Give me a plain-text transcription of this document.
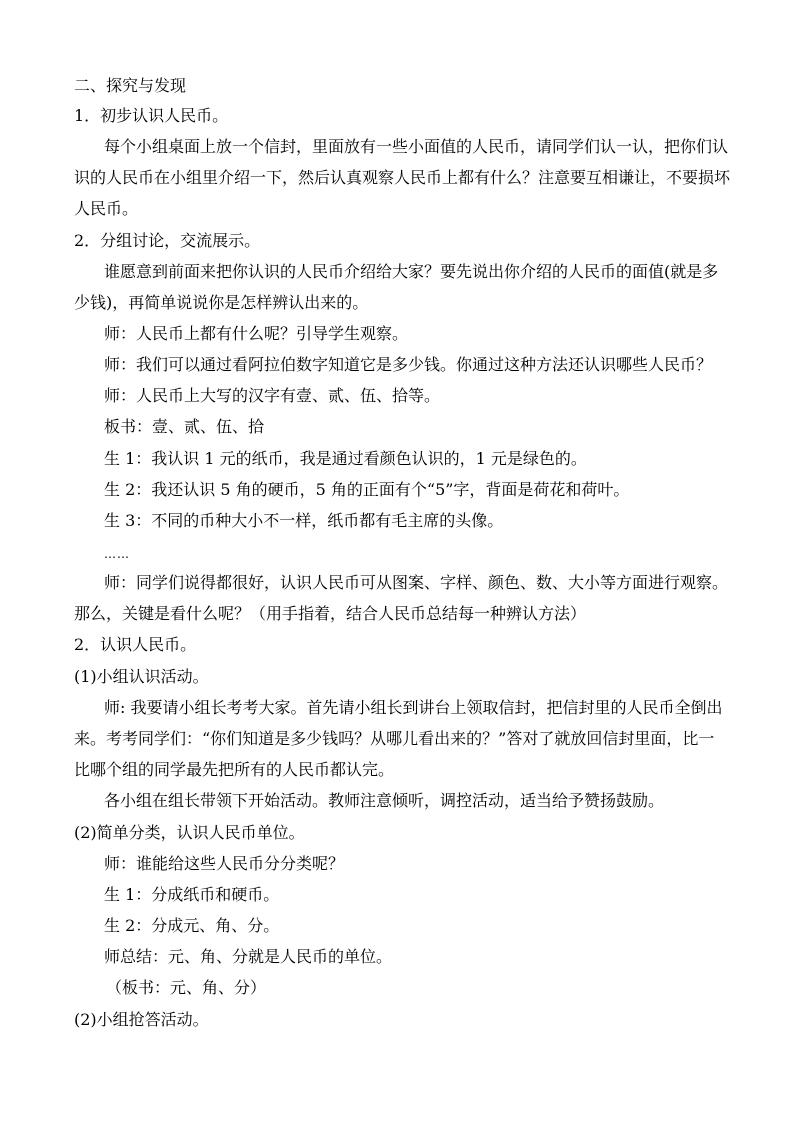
二、探究与发现
1．初步认识人民币。
每个小组桌面上放一个信封，里面放有一些小面值的人民币，请同学们认一认，把你们认
识的人民币在小组里介绍一下，然后认真观察人民币上都有什么？注意要互相谦让，不要损坏
人民币。
2．分组讨论，交流展示。
谁愿意到前面来把你认识的人民币介绍给大家？要先说出你介绍的人民币的面值(就是多
少钱)，再简单说说你是怎样辨认出来的。
师：人民币上都有什么呢？引导学生观察。
师：我们可以通过看阿拉伯数字知道它是多少钱。你通过这种方法还认识哪些人民币？
师：人民币上大写的汉字有壹、贰、伍、拾等。
板书：壹、贰、伍、拾
生 1：我认识 1 元的纸币，我是通过看颜色认识的，1 元是绿色的。
生 2：我还认识 5 角的硬币，5 角的正面有个“5”字，背面是荷花和荷叶。
生 3：不同的币种大小不一样，纸币都有毛主席的头像。
……
师：同学们说得都很好，认识人民币可从图案、字样、颜色、数、大小等方面进行观察。
那么，关键是看什么呢？（用手指着，结合人民币总结每一种辨认方法）
2．认识人民币。
(1)小组认识活动。
师: 我要请小组长考考大家。首先请小组长到讲台上领取信封，把信封里的人民币全倒出
来。考考同学们：“你们知道是多少钱吗？从哪儿看出来的？”答对了就放回信封里面，比一
比哪个组的同学最先把所有的人民币都认完。
各小组在组长带领下开始活动。教师注意倾听，调控活动，适当给予赞扬鼓励。
(2)简单分类，认识人民币单位。
师：谁能给这些人民币分分类呢？
生 1：分成纸币和硬币。
生 2：分成元、角、分。
师总结：元、角、分就是人民币的单位。
（板书：元、角、分）
(2)小组抢答活动。
